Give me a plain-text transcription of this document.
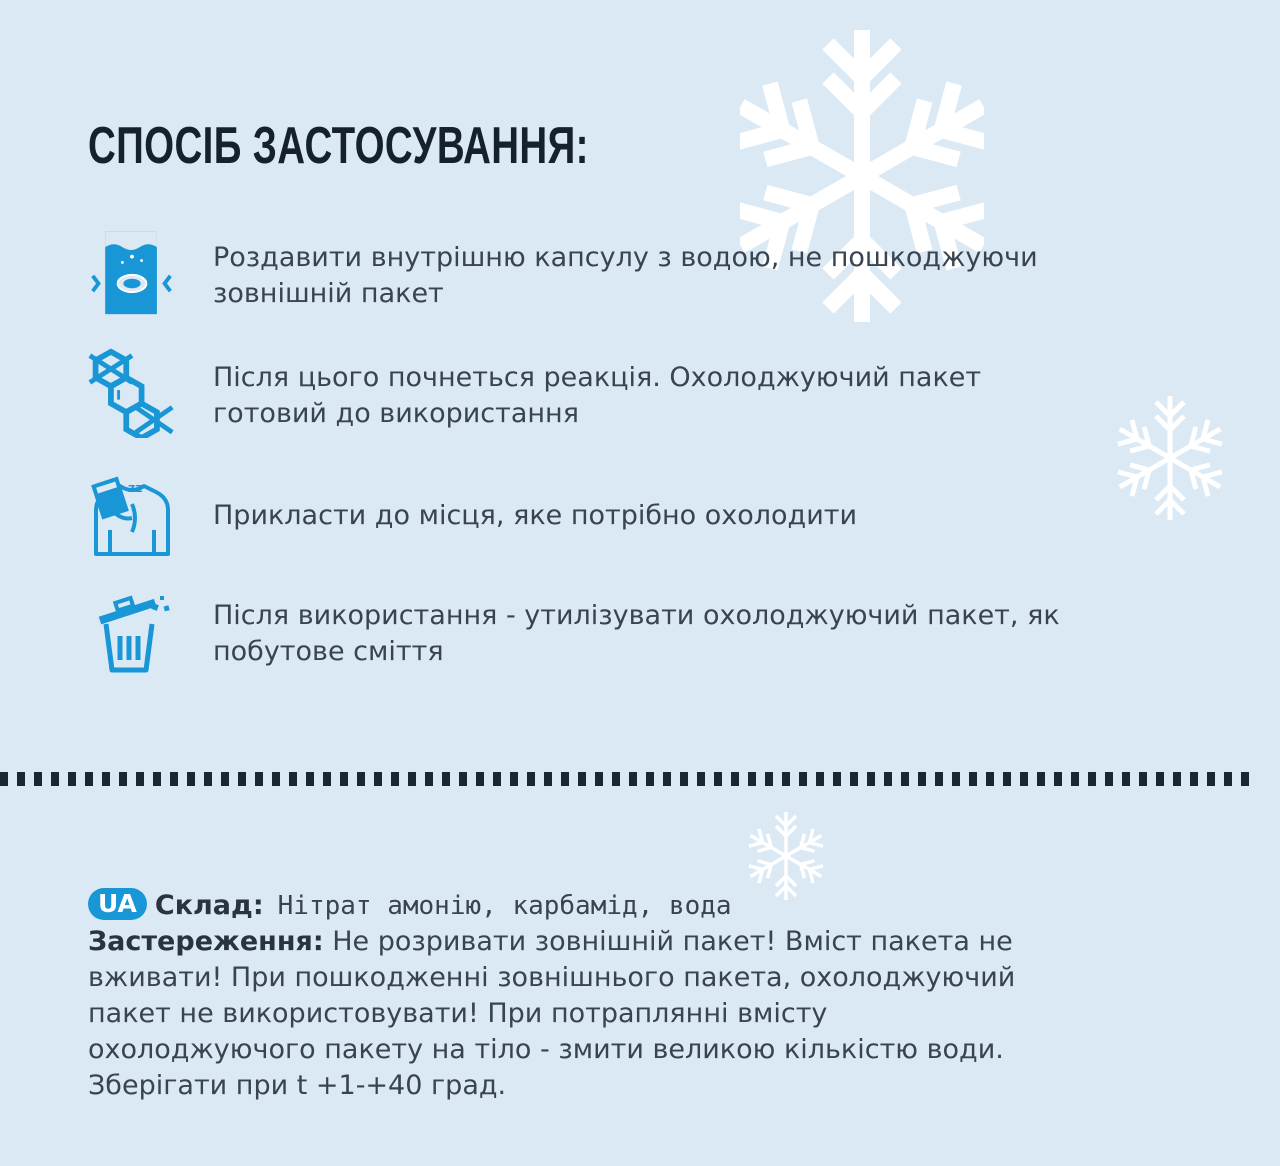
СПОСІБ ЗАСТОСУВАННЯ:
Роздавити внутрішню капсулу з водою, не пошкоджуючи
зовнішній пакет
Після цього почнеться реакція. Охолоджуючий пакет
готовий до використання
ZZ
Прикласти до місця, яке потрібно охолодити
Після використання - утилізувати охолоджуючий пакет, як
побутове сміття
UA Склад: Нітрат амонію, карбамід, вода
Застереження: Не розривати зовнішній пакет! Вміст пакета не
вживати! При пошкодженні зовнішнього пакета, охолоджуючий
пакет не використовувати! При потраплянні вмісту
охолоджуючого пакету на тіло - змити великою кількістю води.
Зберігати при t +1-+40 град.
